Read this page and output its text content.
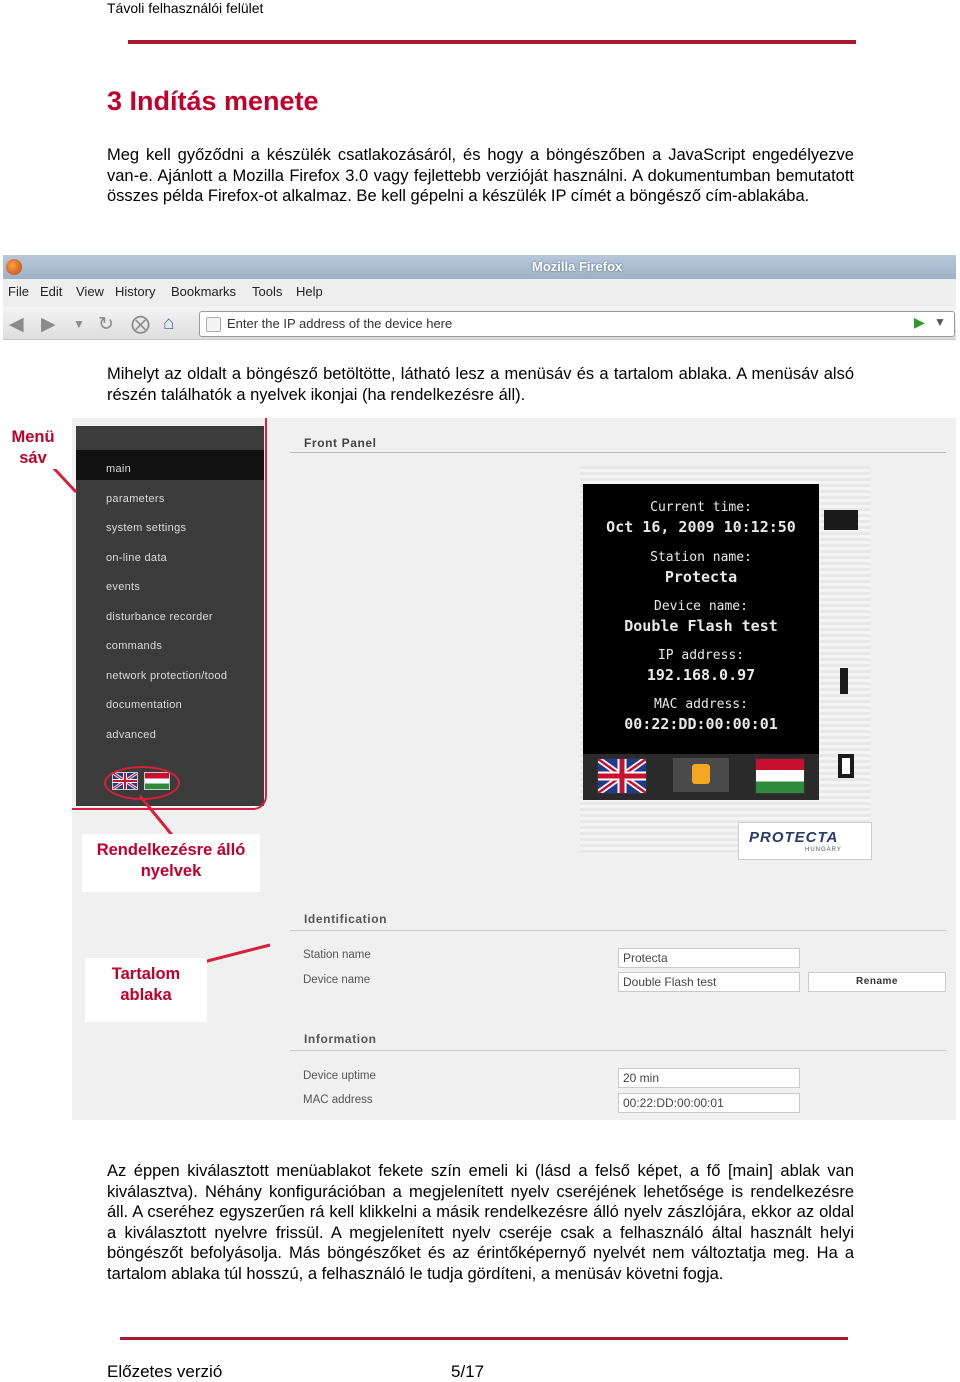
Távoli felhasználói felület
3 Indítás menete
Meg kell győződni a készülék csatlakozásáról, és hogy a böngészőben a JavaScript engedélyezve van-e. Ajánlott a Mozilla Firefox 3.0 vagy fejlettebb verzióját használni. A dokumentumban bemutatott összes példa Firefox-ot alkalmaz. Be kell gépelni a készülék IP címét a böngésző cím-ablakába.
Mozilla Firefox
File Edit View History Bookmarks Tools Help
◀ ▶ ▼ ↻ ⨂ ⌂	Enter the IP address of the device here	▶ ▼
Mihelyt az oldalt a böngésző betöltötte, látható lesz a menüsáv és a tartalom ablaka. A menüsáv alsó részén találhatók a nyelvek ikonjai (ha rendelkezésre áll).
main
parameters
system settings
on-line data
events
disturbance recorder
commands
network protection/tood
documentation
advanced
Front Panel
Current time:
Oct 16, 2009 10:12:50
Station name:
Protecta
Device name:
Double Flash test
IP address:
192.168.0.97
MAC address:
00:22:DD:00:00:01
PROTECTA
HUNGARY
Identification
Station name	Protecta
Device name	Double Flash test	Rename
Information
Device uptime	20 min
MAC address	00:22:DD:00:00:01
Menü sáv
Rendelkezésre álló nyelvek
Tartalom ablaka
Az éppen kiválasztott menüablakot fekete szín emeli ki (lásd a felső képet, a fő [main] ablak van kiválasztva). Néhány konfigurációban a megjelenített nyelv cseréjének lehetősége is rendelkezésre áll. A cseréhez egyszerűen rá kell klikkelni a másik rendelkezésre álló nyelv zászlójára, ekkor az oldal a kiválasztott nyelvre frissül. A megjelenített nyelv cseréje csak a felhasználó által használt helyi böngészőt befolyásolja. Más böngészőket és az érintőképernyő nyelvét nem változtatja meg. Ha a tartalom ablaka túl hosszú, a felhasználó le tudja gördíteni, a menüsáv követni fogja.
Előzetes verzió	5/17
